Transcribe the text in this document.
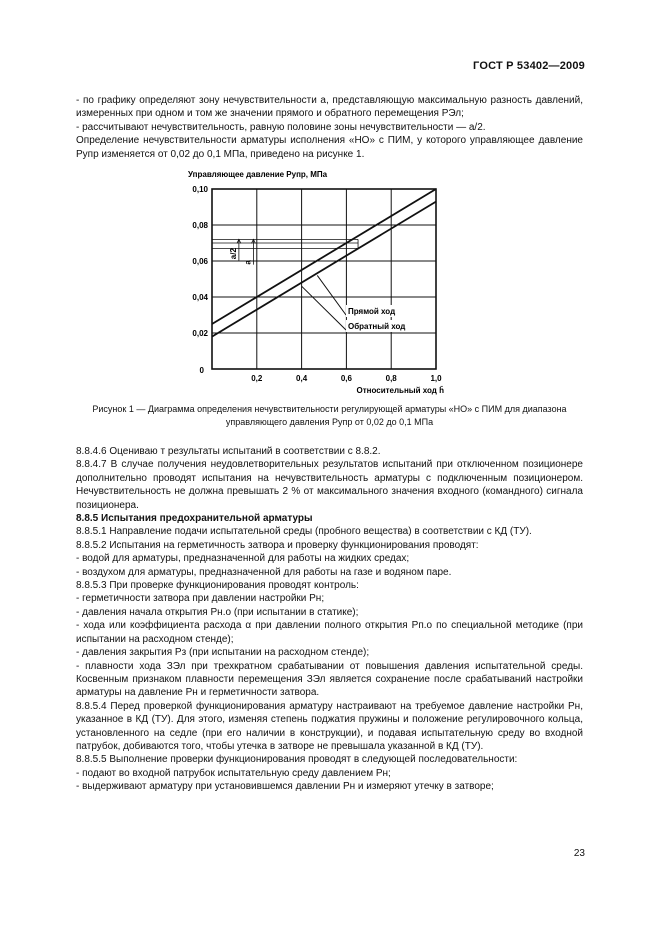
ГОСТ Р 53402—2009

- по графику определяют зону нечувствительности a, представляющую максимальную разность давлений, измеренных при одном и том же значении прямого и обратного перемещения РЭл;

- рассчитывают нечувствительность, равную половине зоны нечувствительности — a/2.

Определение нечувствительности арматуры исполнения «НО» с ПИМ, у которого управляющее давление Pупр изменяется от 0,02 до 0,1 МПа, приведено на рисунке 1.

0,02
0,04
0,06
0,08
0,10
0,2	0,4	0,6	0,8	1,0
0
Управляющее давление Pупр, МПа
Относительный ход h̄
Прямой ход
Обратный ход
a/2
a
Рисунок 1 — Диаграмма определения нечувствительности регулирующей арматуры «НО» с ПИМ для диапазона управляющего давления Pупр от 0,02 до 0,1 МПа

8.8.4.6 Оцениваю т результаты испытаний в соответствии с 8.8.2.

8.8.4.7 В случае получения неудовлетворительных результатов испытаний при отключенном позиционере дополнительно проводят испытания на нечувствительность арматуры с подключенным позиционером. Нечувствительность не должна превышать 2 % от максимального значения входного (командного) сигнала позиционера.

8.8.5 Испытания предохранительной арматуры

8.8.5.1 Направление подачи испытательной среды (пробного вещества) в соответствии с КД (ТУ).

8.8.5.2 Испытания на герметичность затвора и проверку функционирования проводят:

- водой для арматуры, предназначенной для работы на жидких средах;

- воздухом для арматуры, предназначенной для работы на газе и водяном паре.

8.8.5.3 При проверке функционирования проводят контроль:

- герметичности затвора при давлении настройки Pн;

- давления начала открытия Pн.о (при испытании в статике);

- хода или коэффициента расхода α при давлении полного открытия Pп.о по специальной методике (при испытании на расходном стенде);

- давления закрытия Pз (при испытании на расходном стенде);

- плавности хода ЗЭл при трехкратном срабатывании от повышения давления испытательной среды. Косвенным признаком плавности перемещения ЗЭл является сохранение после срабатываний настройки арматуры на давление Pн и герметичности затвора.

8.8.5.4 Перед проверкой функционирования арматуру настраивают на требуемое давление настройки Pн, указанное в КД (ТУ). Для этого, изменяя степень поджатия пружины и положение регулировочного кольца, установленного на седле (при его наличии в конструкции), и подавая испытательную среду во входной патрубок, добиваются того, чтобы утечка в затворе не превышала указанной в КД (ТУ).

8.8.5.5 Выполнение проверки функционирования проводят в следующей последовательности:

- подают во входной патрубок испытательную среду давлением Pн;

- выдерживают арматуру при установившемся давлении Pн и измеряют утечку в затворе;

23
